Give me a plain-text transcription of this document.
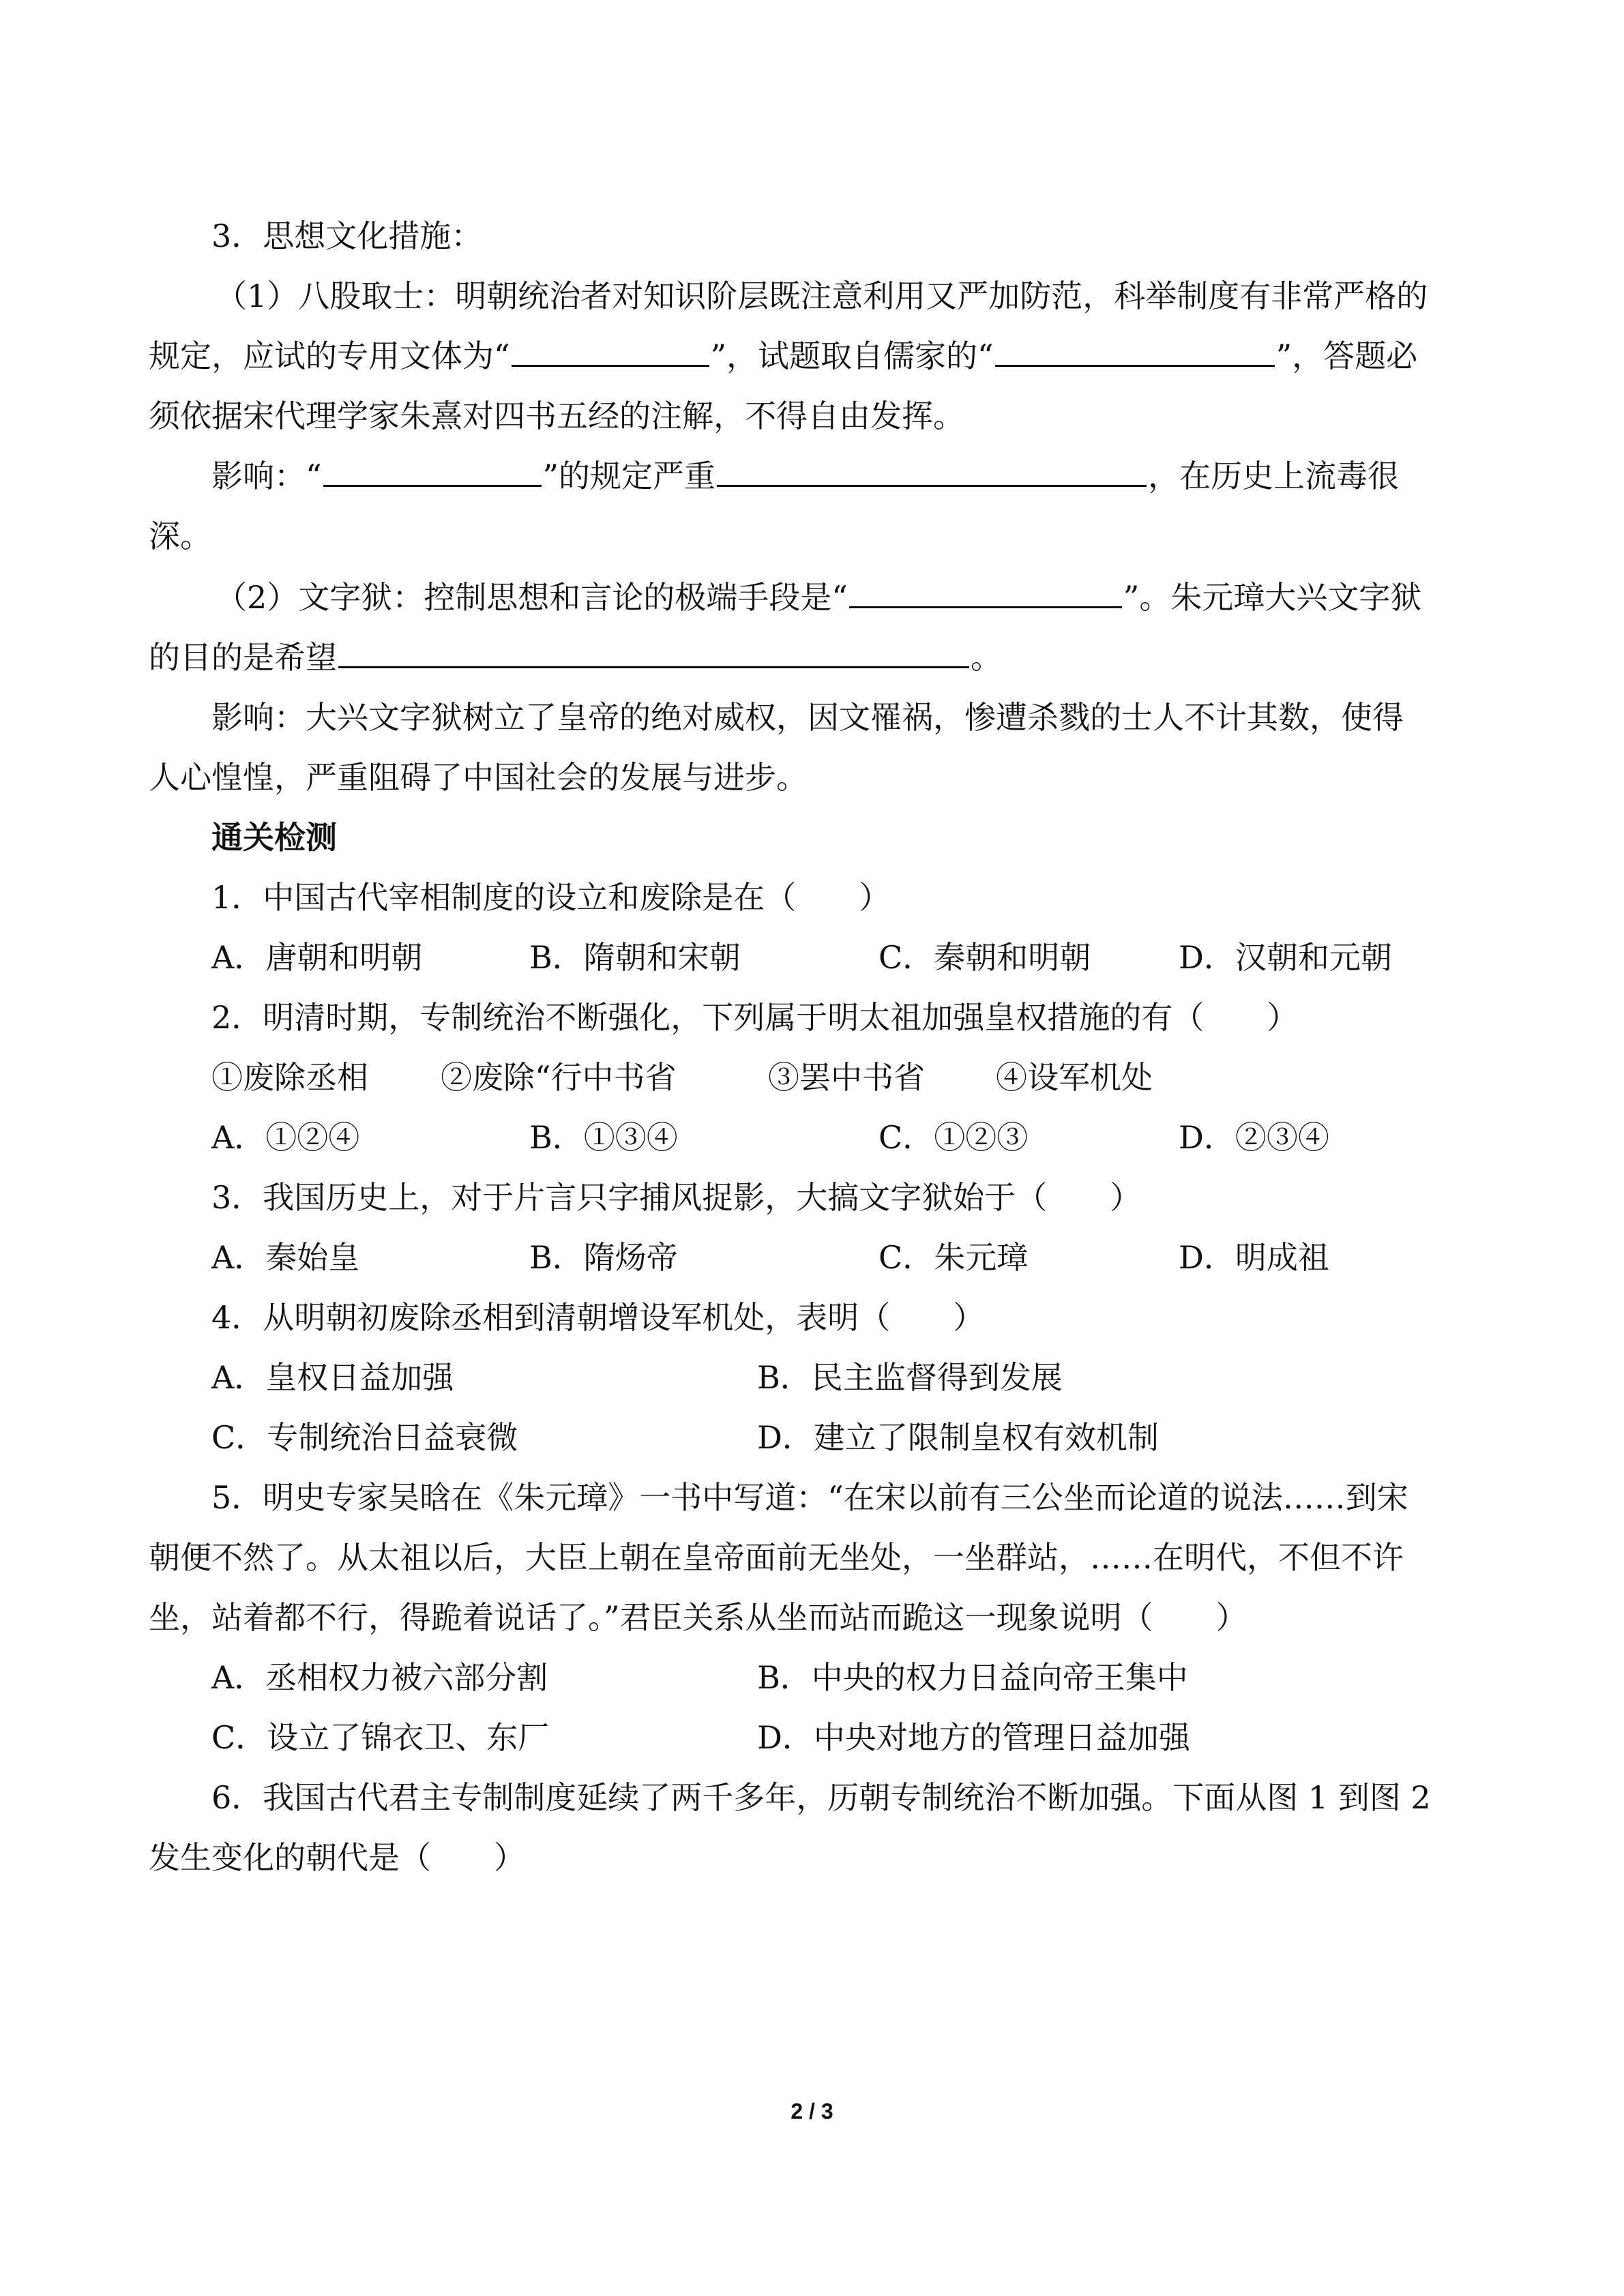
3．思想文化措施：
（1）八股取士：明朝统治者对知识阶层既注意利用又严加防范，科举制度有非常严格的
规定，应试的专用文体为“	”，试题取自儒家的“	”，答题必
须依据宋代理学家朱熹对四书五经的注解，不得自由发挥。
影响：“	”的规定严重	，在历史上流毒很
深。
（2）文字狱：控制思想和言论的极端手段是“	”。朱元璋大兴文字狱
的目的是希望	。
影响：大兴文字狱树立了皇帝的绝对威权，因文罹祸，惨遭杀戮的士人不计其数，使得
人心惶惶，严重阻碍了中国社会的发展与进步。
通关检测
1．中国古代宰相制度的设立和废除是在（　　）
A．唐朝和明朝	B．隋朝和宋朝	C．秦朝和明朝	D．汉朝和元朝
2．明清时期，专制统治不断强化，下列属于明太祖加强皇权措施的有（　　）
①废除丞相 ②废除“行中书省	③罢中书省 ④设军机处
A．①②④	B．①③④	C．①②③	D．②③④
3．我国历史上，对于片言只字捕风捉影，大搞文字狱始于（　　）
A．秦始皇	B．隋炀帝	C．朱元璋	D．明成祖
4．从明朝初废除丞相到清朝增设军机处，表明（　　）
A．皇权日益加强	B．民主监督得到发展
C．专制统治日益衰微	D．建立了限制皇权有效机制
5．明史专家吴晗在《朱元璋》一书中写道：“在宋以前有三公坐而论道的说法……到宋
朝便不然了。从太祖以后，大臣上朝在皇帝面前无坐处，一坐群站，……在明代，不但不许
坐，站着都不行，得跪着说话了。”君臣关系从坐而站而跪这一现象说明（　　）
A．丞相权力被六部分割	B．中央的权力日益向帝王集中
C．设立了锦衣卫、东厂	D．中央对地方的管理日益加强
6．我国古代君主专制制度延续了两千多年，历朝专制统治不断加强。下面从图 1 到图 2
发生变化的朝代是（　　）
2 / 3
